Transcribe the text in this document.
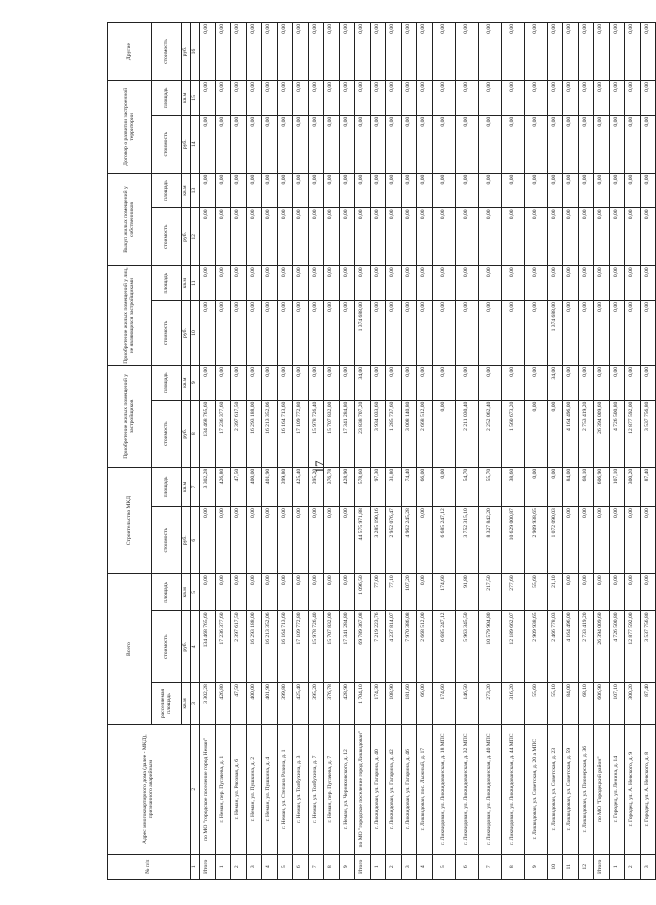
17
№ п/п	Адрес многоквартирного дома (далее - МКД), признанного аварийным	Всего			Строительство МКД		Приобретение жилых помещений у застройщиков		Приобретение жилых помещений у лиц, не являющихся застройщиками		Выкуп жилых помещений у собственников		Договор о развитии застроенной территории		Другие
		расселяемая площадь	стоимость	площадь	стоимость	площадь	стоимость	площадь	стоимость	площадь	стоимость	площадь	стоимость	площадь	стоимость
		кв.м	руб.	кв.м	руб.	кв.м	руб.	кв.м	руб.	кв.м	руб.	кв.м	руб.	кв.м	руб.
1	2	3	4	5	6	7	8	9	10	11	12	13	14	15	16
Итого	по МО "городское поселение город Неман"	3 302,28	134 468 765,60	0,00	0,00	3 302,28	134 468 765,60	0,00	0,00	0,00	0,00	0,00	0,00	0,00	0,00
1	г. Неман, пер. Пугачева, д. 1	426,80	17 236 377,60	0,00	0,00	426,80	17 236 377,60	0,00	0,00	0,00	0,00	0,00	0,00	0,00	0,00
2	г. Неман, ул. Рясовая, д. 6	47,50	2 397 617,50	0,00	0,00	47,50	2 397 617,50	0,00	0,00	0,00	0,00	0,00	0,00	0,00	0,00
3	г. Неман, ул. Пушкина, д. 2	400,00	16 293 188,00	0,00	0,00	400,00	16 293 188,00	0,00	0,00	0,00	0,00	0,00	0,00	0,00	0,00
4	г. Неман, ул. Пушкина, д. 4	401,90	16 213 352,06	0,00	0,00	401,90	16 213 352,06	0,00	0,00	0,00	0,00	0,00	0,00	0,00	0,00
5	г. Неман, ул. Степана Разина, д. 1	399,80	16 164 713,60	0,00	0,00	399,80	16 164 713,60	0,00	0,00	0,00	0,00	0,00	0,00	0,00	0,00
6	г. Неман, ул. Толбухина, д. 3	425,40	17 109 772,80	0,00	0,00	425,40	17 109 772,80	0,00	0,00	0,00	0,00	0,00	0,00	0,00	0,00
7	г. Неман, ул. Толбухина, д. 7	395,20	15 978 726,40	0,00	0,00	395,20	15 978 726,40	0,00	0,00	0,00	0,00	0,00	0,00	0,00	0,00
8	г. Неман, пер. Пугачева, д. 7	376,78	15 707 832,00	0,00	0,00	376,78	15 707 832,00	0,00	0,00	0,00	0,00	0,00	0,00	0,00	0,00
9	г. Неман, ул. Черняховского, д. 12	428,90	17 341 284,80	0,00	0,00	428,90	17 341 284,80	0,00	0,00	0,00	0,00	0,00	0,00	0,00	0,00
Итого	по МО "городское поселение город Ликвидован"	1 704,10	69 789 367,08	1 096,50	44 575 971,88	578,60	23 838 707,20	34,00	1 374 688,00	0,00	0,00	0,00	0,00	0,00	0,00
1	г. Ликвидован, ул. Гагарина, д. 40	174,30	7 219 223,76	77,00	3 285 190,16	97,30	3 934 033,60	0,00	0,00	0,00	0,00	0,00	0,00	0,00	0,00
2	г. Ликвидован, ул. Гагарина, д. 42	108,90	4 237 814,07	77,10	2 952 076,47	31,80	1 285 737,60	0,00	0,00	0,00	0,00	0,00	0,00	0,00	0,00
3	г. Ликвидован, ул. Гагарина, д. 46	181,60	7 970 386,08	107,20	4 962 245,28	74,40	3 008 140,80	0,00	0,00	0,00	0,00	0,00	0,00	0,00	0,00
4	г. Ликвидован, пос. Лыжный, д. 17	66,00	2 668 512,00	0,00	0,00	66,00	2 668 512,00	0,00	0,00	0,00	0,00	0,00	0,00	0,00	0,00
5	г. Ликвидован, ул. Ликвидованская, д. 18 МПС	174,60	6 685 247,12	174,60	6 685 247,12	0,00	0,00	0,00	0,00	0,00	0,00	0,00	0,00	0,00	0,00
6	г. Ликвидован, ул. Ликвидованская, д. 32 МПС	146,50	5 963 345,50	91,80	3 752 315,10	54,70	2 211 030,40	0,00	0,00	0,00	0,00	0,00	0,00	0,00	0,00
7	г. Ликвидован, ул. Ликвидованская, д. 40 МПС	273,20	10 579 904,80	217,50	8 327 842,20	55,70	2 252 062,40	0,00	0,00	0,00	0,00	0,00	0,00	0,00	0,00
8	г. Ликвидован, ул. Ликвидованская, д. 44 МПС	316,20	12 189 662,07	277,60	10 629 000,87	38,60	1 560 673,20	0,00	0,00	0,00	0,00	0,00	0,00	0,00	0,00
9	г. Ликвидован, ул. Советская, д. 20 а МПС	55,60	2 909 938,65	55,60	2 909 938,65	0,00	0,00	0,00	0,00	0,00	0,00	0,00	0,00	0,00	0,00
10	г. Ликвидован, ул. Советская, д. 23	55,10	2 466 778,03	21,10	1 072 090,03	0,00	0,00	34,00	1 374 688,00	0,00	0,00	0,00	0,00	0,00	0,00
11	г. Ликвидован, ул. Советская, д. 59	84,00	4 164 496,00	0,00	0,00	84,00	4 164 496,00	0,00	0,00	0,00	0,00	0,00	0,00	0,00	0,00
12	г. Ликвидован, ул. Пионерская, д. 36	68,10	2 733 419,20	0,00	0,00	68,10	2 753 419,20	0,00	0,00	0,00	0,00	0,00	0,00	0,00	0,00
Итого	по МО "Городецкий район"	606,90	26 394 009,60	0,00	0,00	606,90	26 394 009,60	0,00	0,00	0,00	0,00	0,00	0,00	0,00	0,00
1	г. Городец, ул. Ленина, д. 14	107,10	4 726 500,80	0,00	0,00	107,10	4 726 500,80	0,00	0,00	0,00	0,00	0,00	0,00	0,00	0,00
2	г. Городец, ул. А. Невского, д. 9	300,20	12 877 592,00	0,00	0,00	300,20	12 877 592,00	0,00	0,00	0,00	0,00	0,00	0,00	0,00	0,00
3	г. Городец, ул. А. Невского, д. 8	87,40	3 537 756,80	0,00	0,00	87,40	3 537 756,80	0,00	0,00	0,00	0,00	0,00	0,00	0,00	0,00
